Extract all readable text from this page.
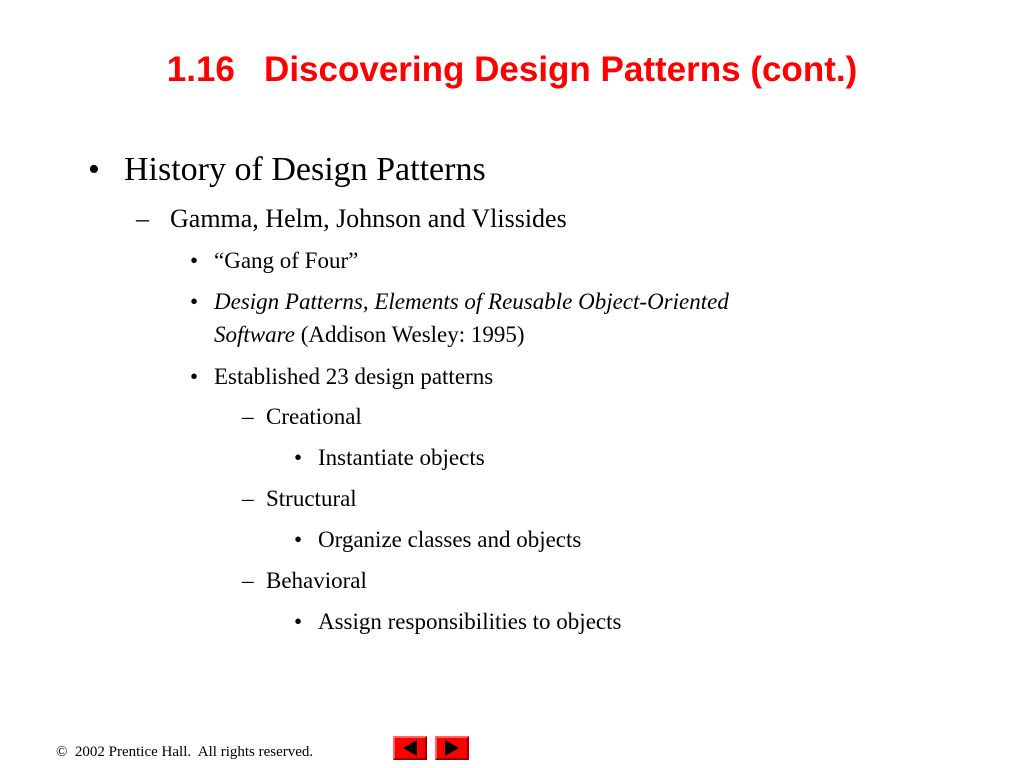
1.16   Discovering Design Patterns (cont.)
• History of Design Patterns
– Gamma, Helm, Johnson and Vlissides
• “Gang of Four”
• Design Patterns, Elements of Reusable Object-Oriented
Software (Addison Wesley: 1995)
• Established 23 design patterns
– Creational
• Instantiate objects
– Structural
• Organize classes and objects
– Behavioral
• Assign responsibilities to objects
©  2002 Prentice Hall.  All rights reserved.
